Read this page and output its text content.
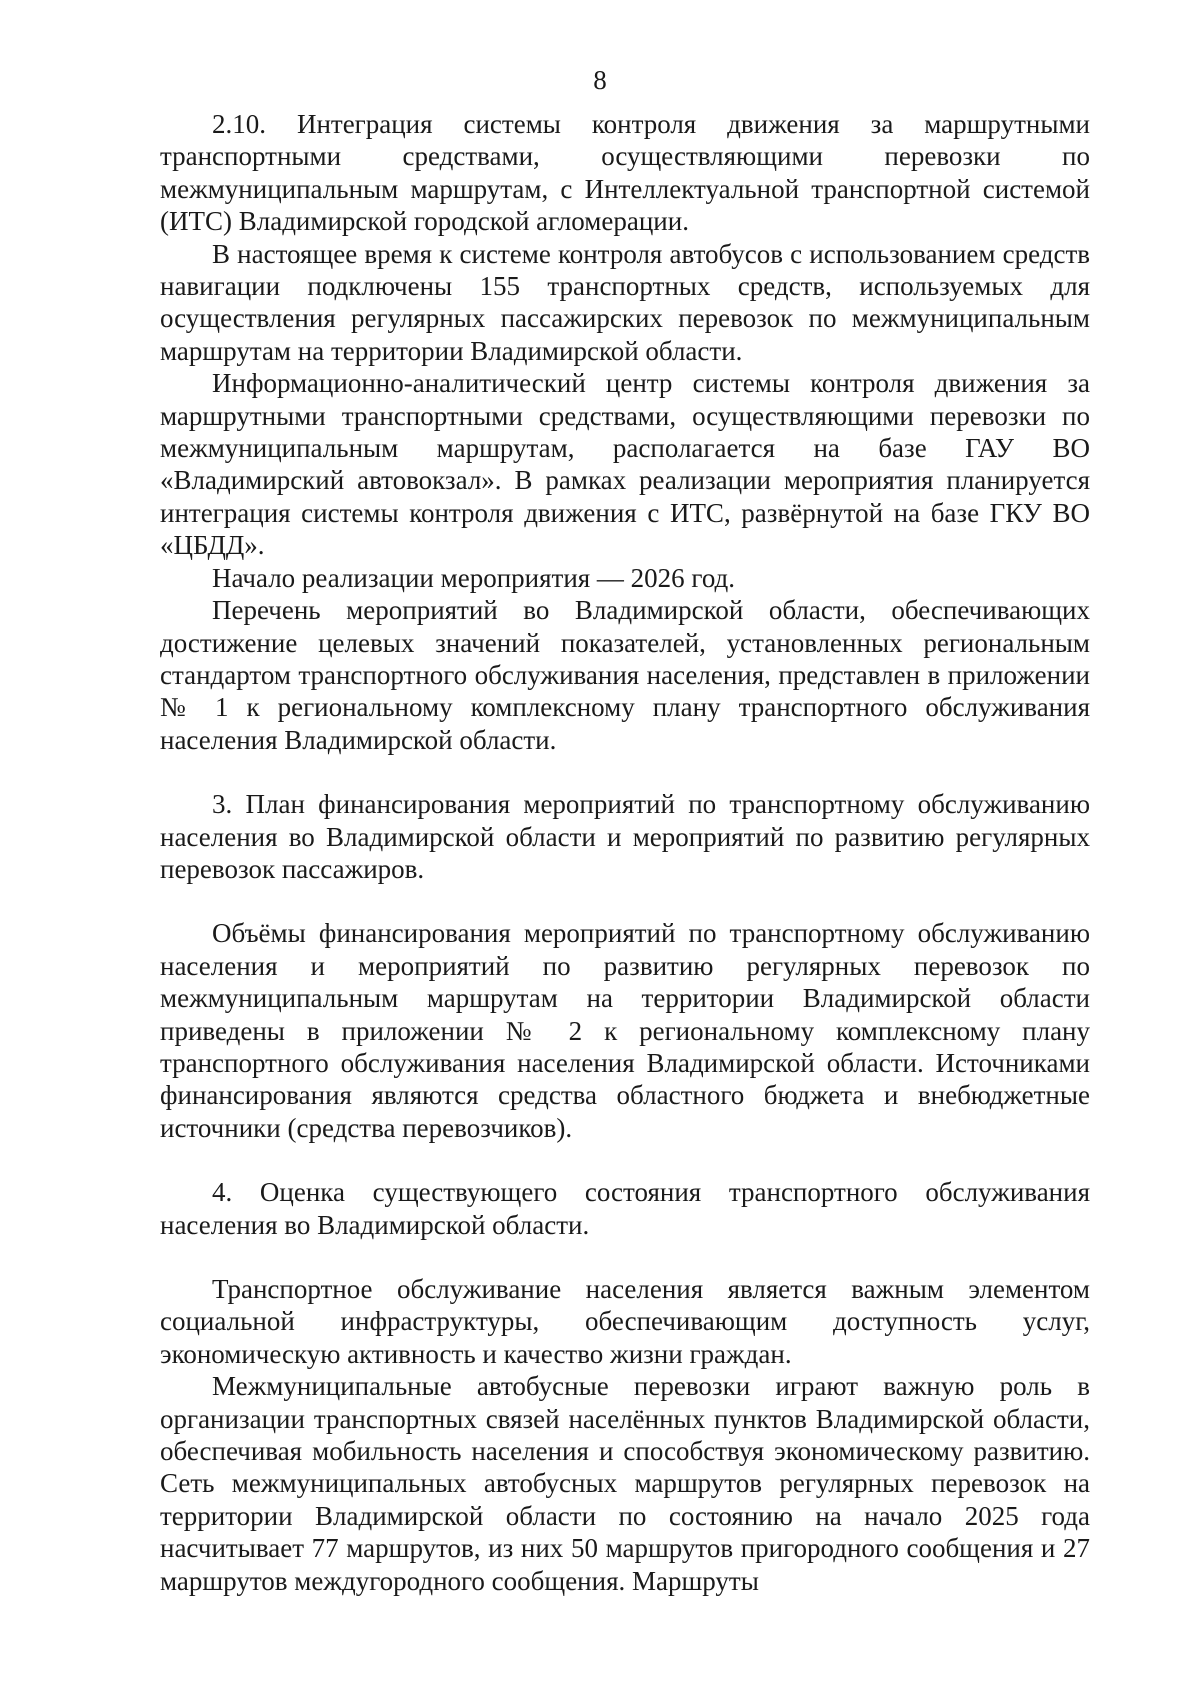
8

2.10. Интеграция системы контроля движения за маршрутными транспортными средствами, осуществляющими перевозки по межмуниципальным маршрутам, с Интеллектуальной транспортной системой (ИТС) Владимирской городской агломерации.

В настоящее время к системе контроля автобусов с использованием средств навигации подключены 155 транспортных средств, используемых для осуществления регулярных пассажирских перевозок по межмуниципальным маршрутам на территории Владимирской области.

Информационно-аналитический центр системы контроля движения за маршрутными транспортными средствами, осуществляющими перевозки по межмуниципальным маршрутам, располагается на базе ГАУ ВО «Владимирский автовокзал». В рамках реализации мероприятия планируется интеграция системы контроля движения с ИТС, развёрнутой на базе ГКУ ВО «ЦБДД».

Начало реализации мероприятия — 2026 год.

Перечень мероприятий во Владимирской области, обеспечивающих достижение целевых значений показателей, установленных региональным стандартом транспортного обслуживания населения, представлен в приложении № 1 к региональному комплексному плану транспортного обслуживания населения Владимирской области.

3. План финансирования мероприятий по транспортному обслуживанию населения во Владимирской области и мероприятий по развитию регулярных перевозок пассажиров.

Объёмы финансирования мероприятий по транспортному обслуживанию населения и мероприятий по развитию регулярных перевозок по межмуниципальным маршрутам на территории Владимирской области приведены в приложении № 2 к региональному комплексному плану транспортного обслуживания населения Владимирской области. Источниками финансирования являются средства областного бюджета и внебюджетные источники (средства перевозчиков).

4. Оценка существующего состояния транспортного обслуживания населения во Владимирской области.

Транспортное обслуживание населения является важным элементом социальной инфраструктуры, обеспечивающим доступность услуг, экономическую активность и качество жизни граждан.

Межмуниципальные автобусные перевозки играют важную роль в организации транспортных связей населённых пунктов Владимирской области, обеспечивая мобильность населения и способствуя экономическому развитию. Сеть межмуниципальных автобусных маршрутов регулярных перевозок на территории Владимирской области по состоянию на начало 2025 года насчитывает 77 маршрутов, из них 50 маршрутов пригородного сообщения и 27 маршрутов междугородного сообщения. Маршруты
